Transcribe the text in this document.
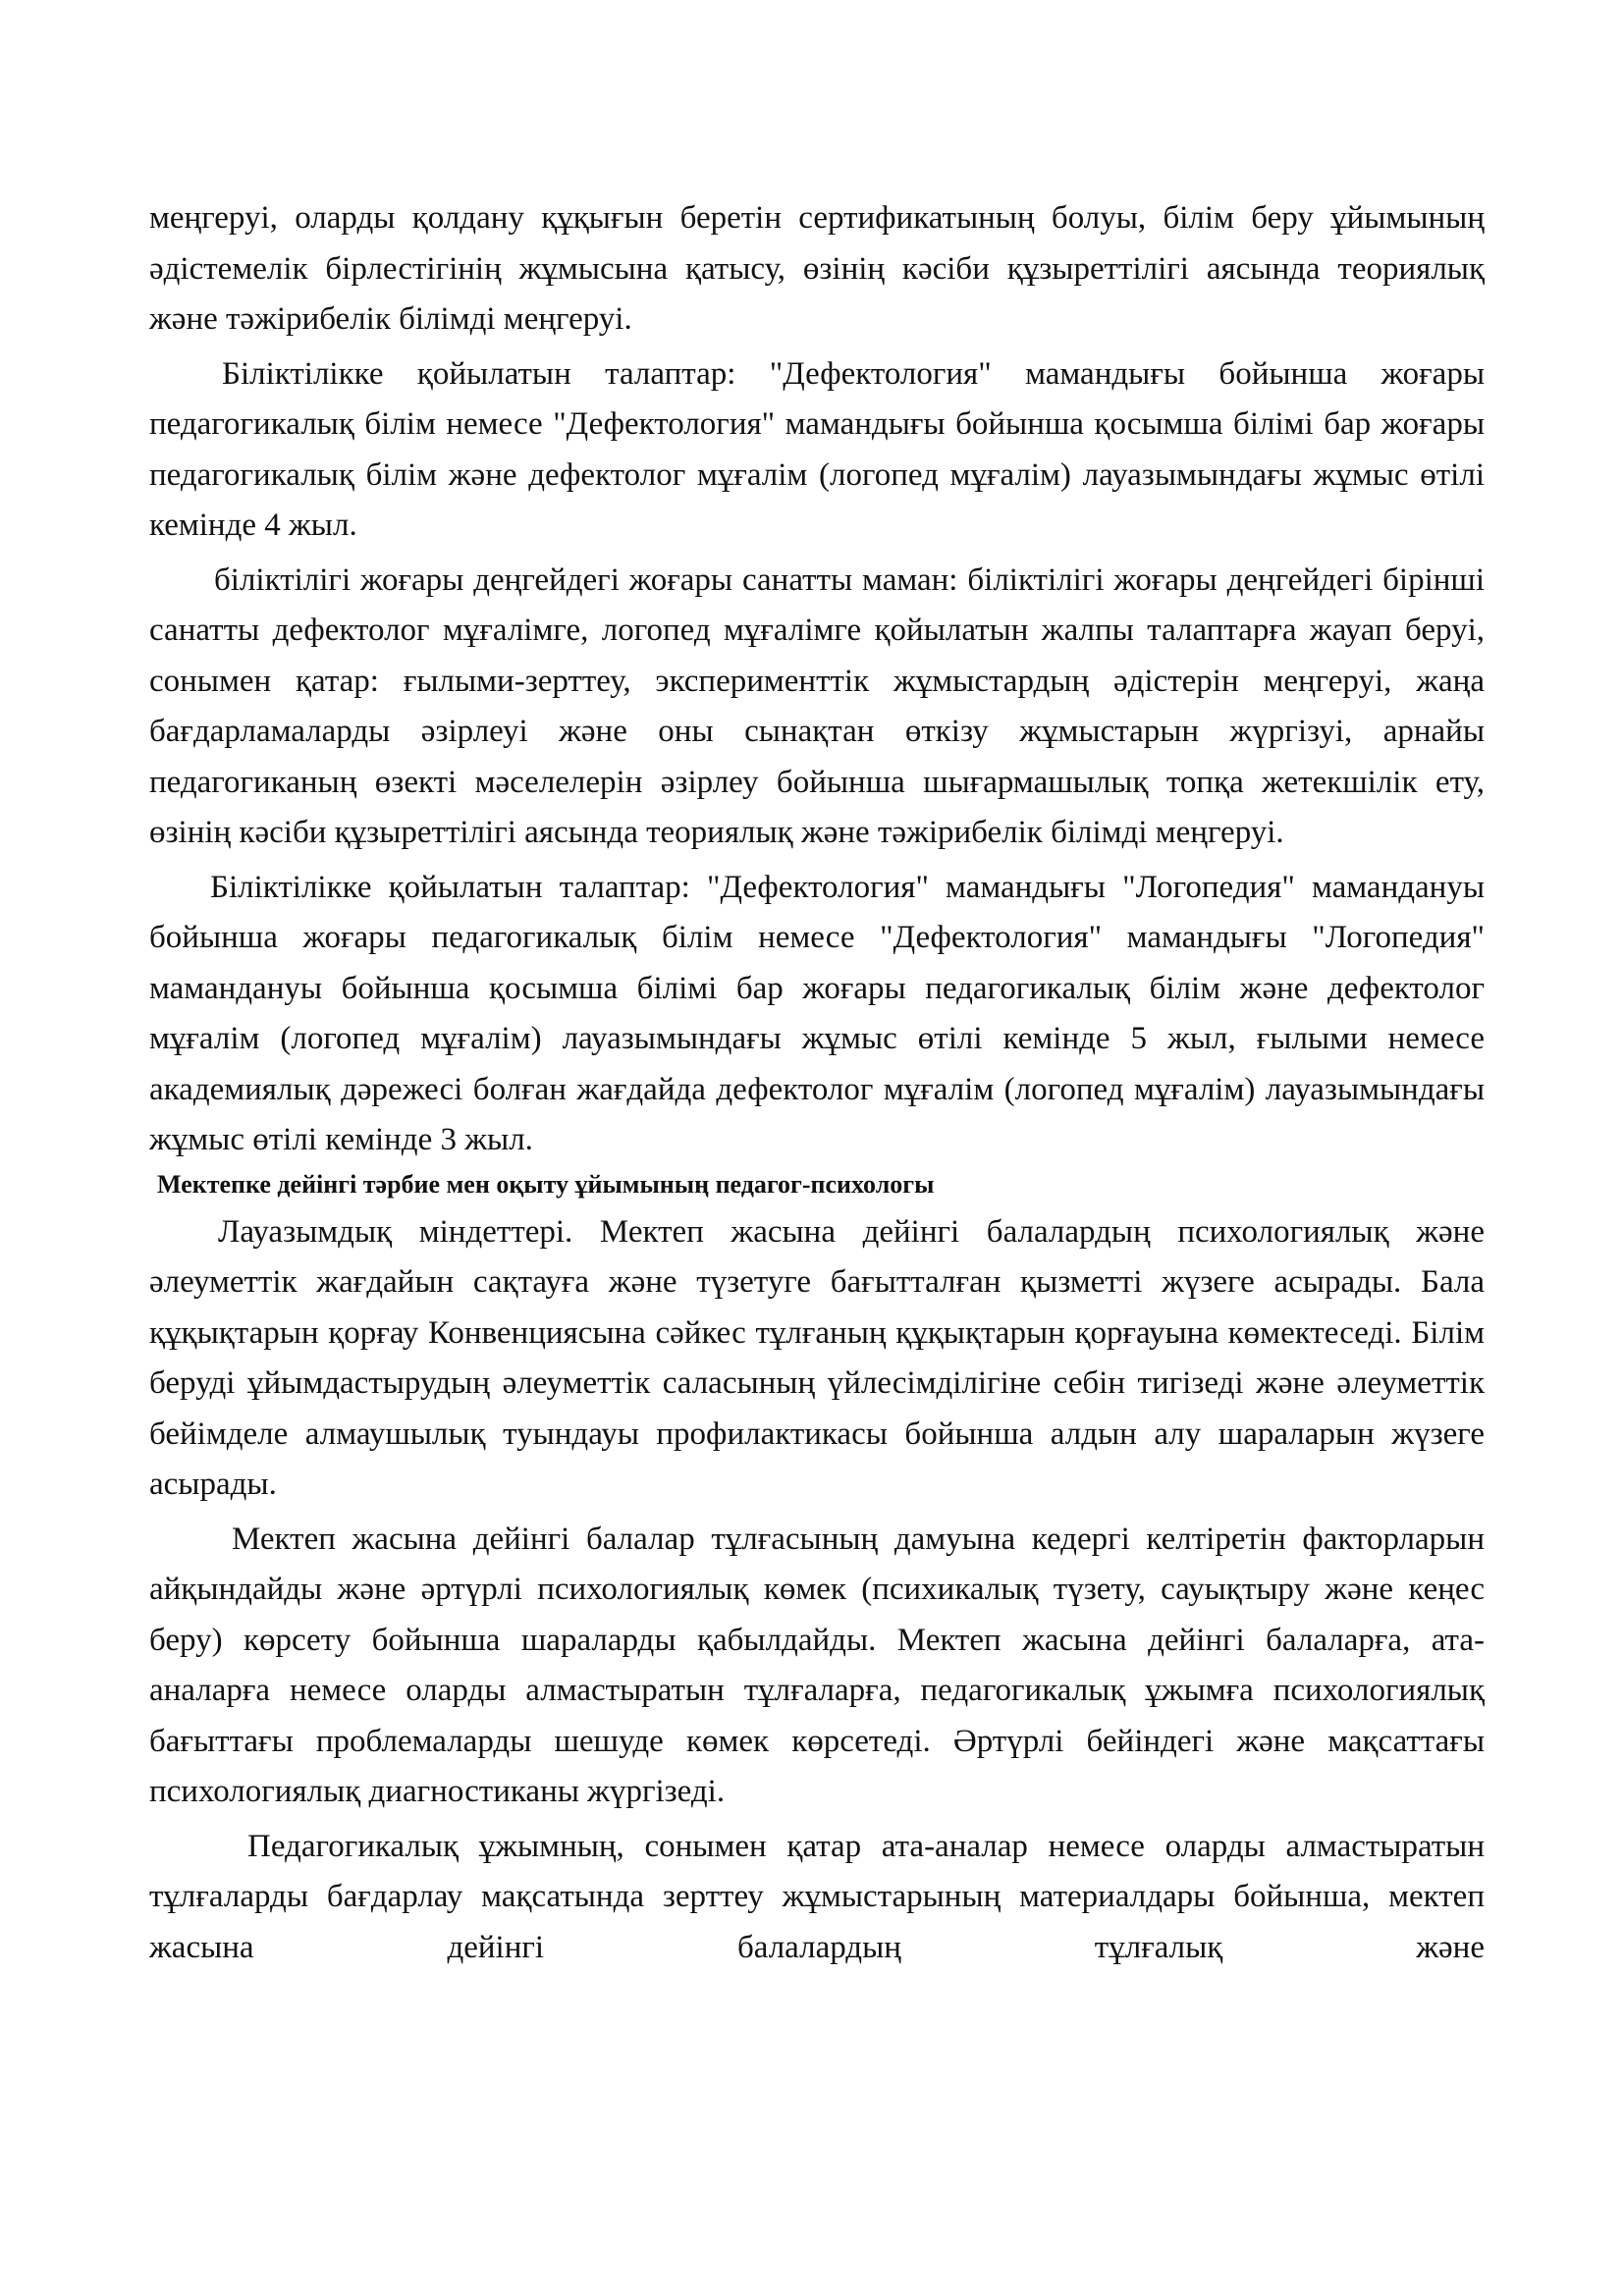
меңгеруі, оларды қолдану құқығын беретін сертификатының болуы, білім беру ұйымының әдістемелік бірлестігінің жұмысына қатысу, өзінің кәсіби құзыреттілігі аясында теориялық және тәжірибелік білімді меңгеруі.

Біліктілікке қойылатын талаптар: "Дефектология" мамандығы бойынша жоғары педагогикалық білім немесе "Дефектология" мамандығы бойынша қосымша білімі бар жоғары педагогикалық білім және дефектолог мұғалім (логопед мұғалім) лауазымындағы жұмыс өтілі кемінде 4 жыл.

біліктілігі жоғары деңгейдегі жоғары санатты маман: біліктілігі жоғары деңгейдегі бірінші санатты дефектолог мұғалімге, логопед мұғалімге қойылатын жалпы талаптарға жауап беруі, сонымен қатар: ғылыми-зерттеу, эксперименттік жұмыстардың әдістерін меңгеруі, жаңа бағдарламаларды әзірлеуі және оны сынақтан өткізу жұмыстарын жүргізуі, арнайы педагогиканың өзекті мәселелерін әзірлеу бойынша шығармашылық топқа жетекшілік ету, өзінің кәсіби құзыреттілігі аясында теориялық және тәжірибелік білімді меңгеруі.

Біліктілікке қойылатын талаптар: "Дефектология" мамандығы "Логопедия" мамандануы бойынша жоғары педагогикалық білім немесе "Дефектология" мамандығы "Логопедия" мамандануы бойынша қосымша білімі бар жоғары педагогикалық білім және дефектолог мұғалім (логопед мұғалім) лауазымындағы жұмыс өтілі кемінде 5 жыл, ғылыми немесе академиялық дәрежесі болған жағдайда дефектолог мұғалім (логопед мұғалім) лауазымындағы жұмыс өтілі кемінде 3 жыл.

Мектепке дейінгі тәрбие мен оқыту ұйымының педагог-психологы

Лауазымдық міндеттері. Мектеп жасына дейінгі балалардың психологиялық және әлеуметтік жағдайын сақтауға және түзетуге бағытталған қызметті жүзеге асырады. Бала құқықтарын қорғау Конвенциясына сәйкес тұлғаның құқықтарын қорғауына көмектеседі. Білім беруді ұйымдастырудың әлеуметтік саласының үйлесімділігіне себін тигізеді және әлеуметтік бейімделе алмаушылық туындауы профилактикасы бойынша алдын алу шараларын жүзеге асырады.

Мектеп жасына дейінгі балалар тұлғасының дамуына кедергі келтіретін факторларын айқындайды және әртүрлі психологиялық көмек (психикалық түзету, сауықтыру және кеңес беру) көрсету бойынша шараларды қабылдайды. Мектеп жасына дейінгі балаларға, ата-аналарға немесе оларды алмастыратын тұлғаларға, педагогикалық ұжымға психологиялық бағыттағы проблемаларды шешуде көмек көрсетеді. Әртүрлі бейіндегі және мақсаттағы психологиялық диагностиканы жүргізеді.

Педагогикалық ұжымның, сонымен қатар ата-аналар немесе оларды алмастыратын тұлғаларды бағдарлау мақсатында зерттеу жұмыстарының материалдары бойынша, мектеп жасына дейінгі балалардың тұлғалық және
